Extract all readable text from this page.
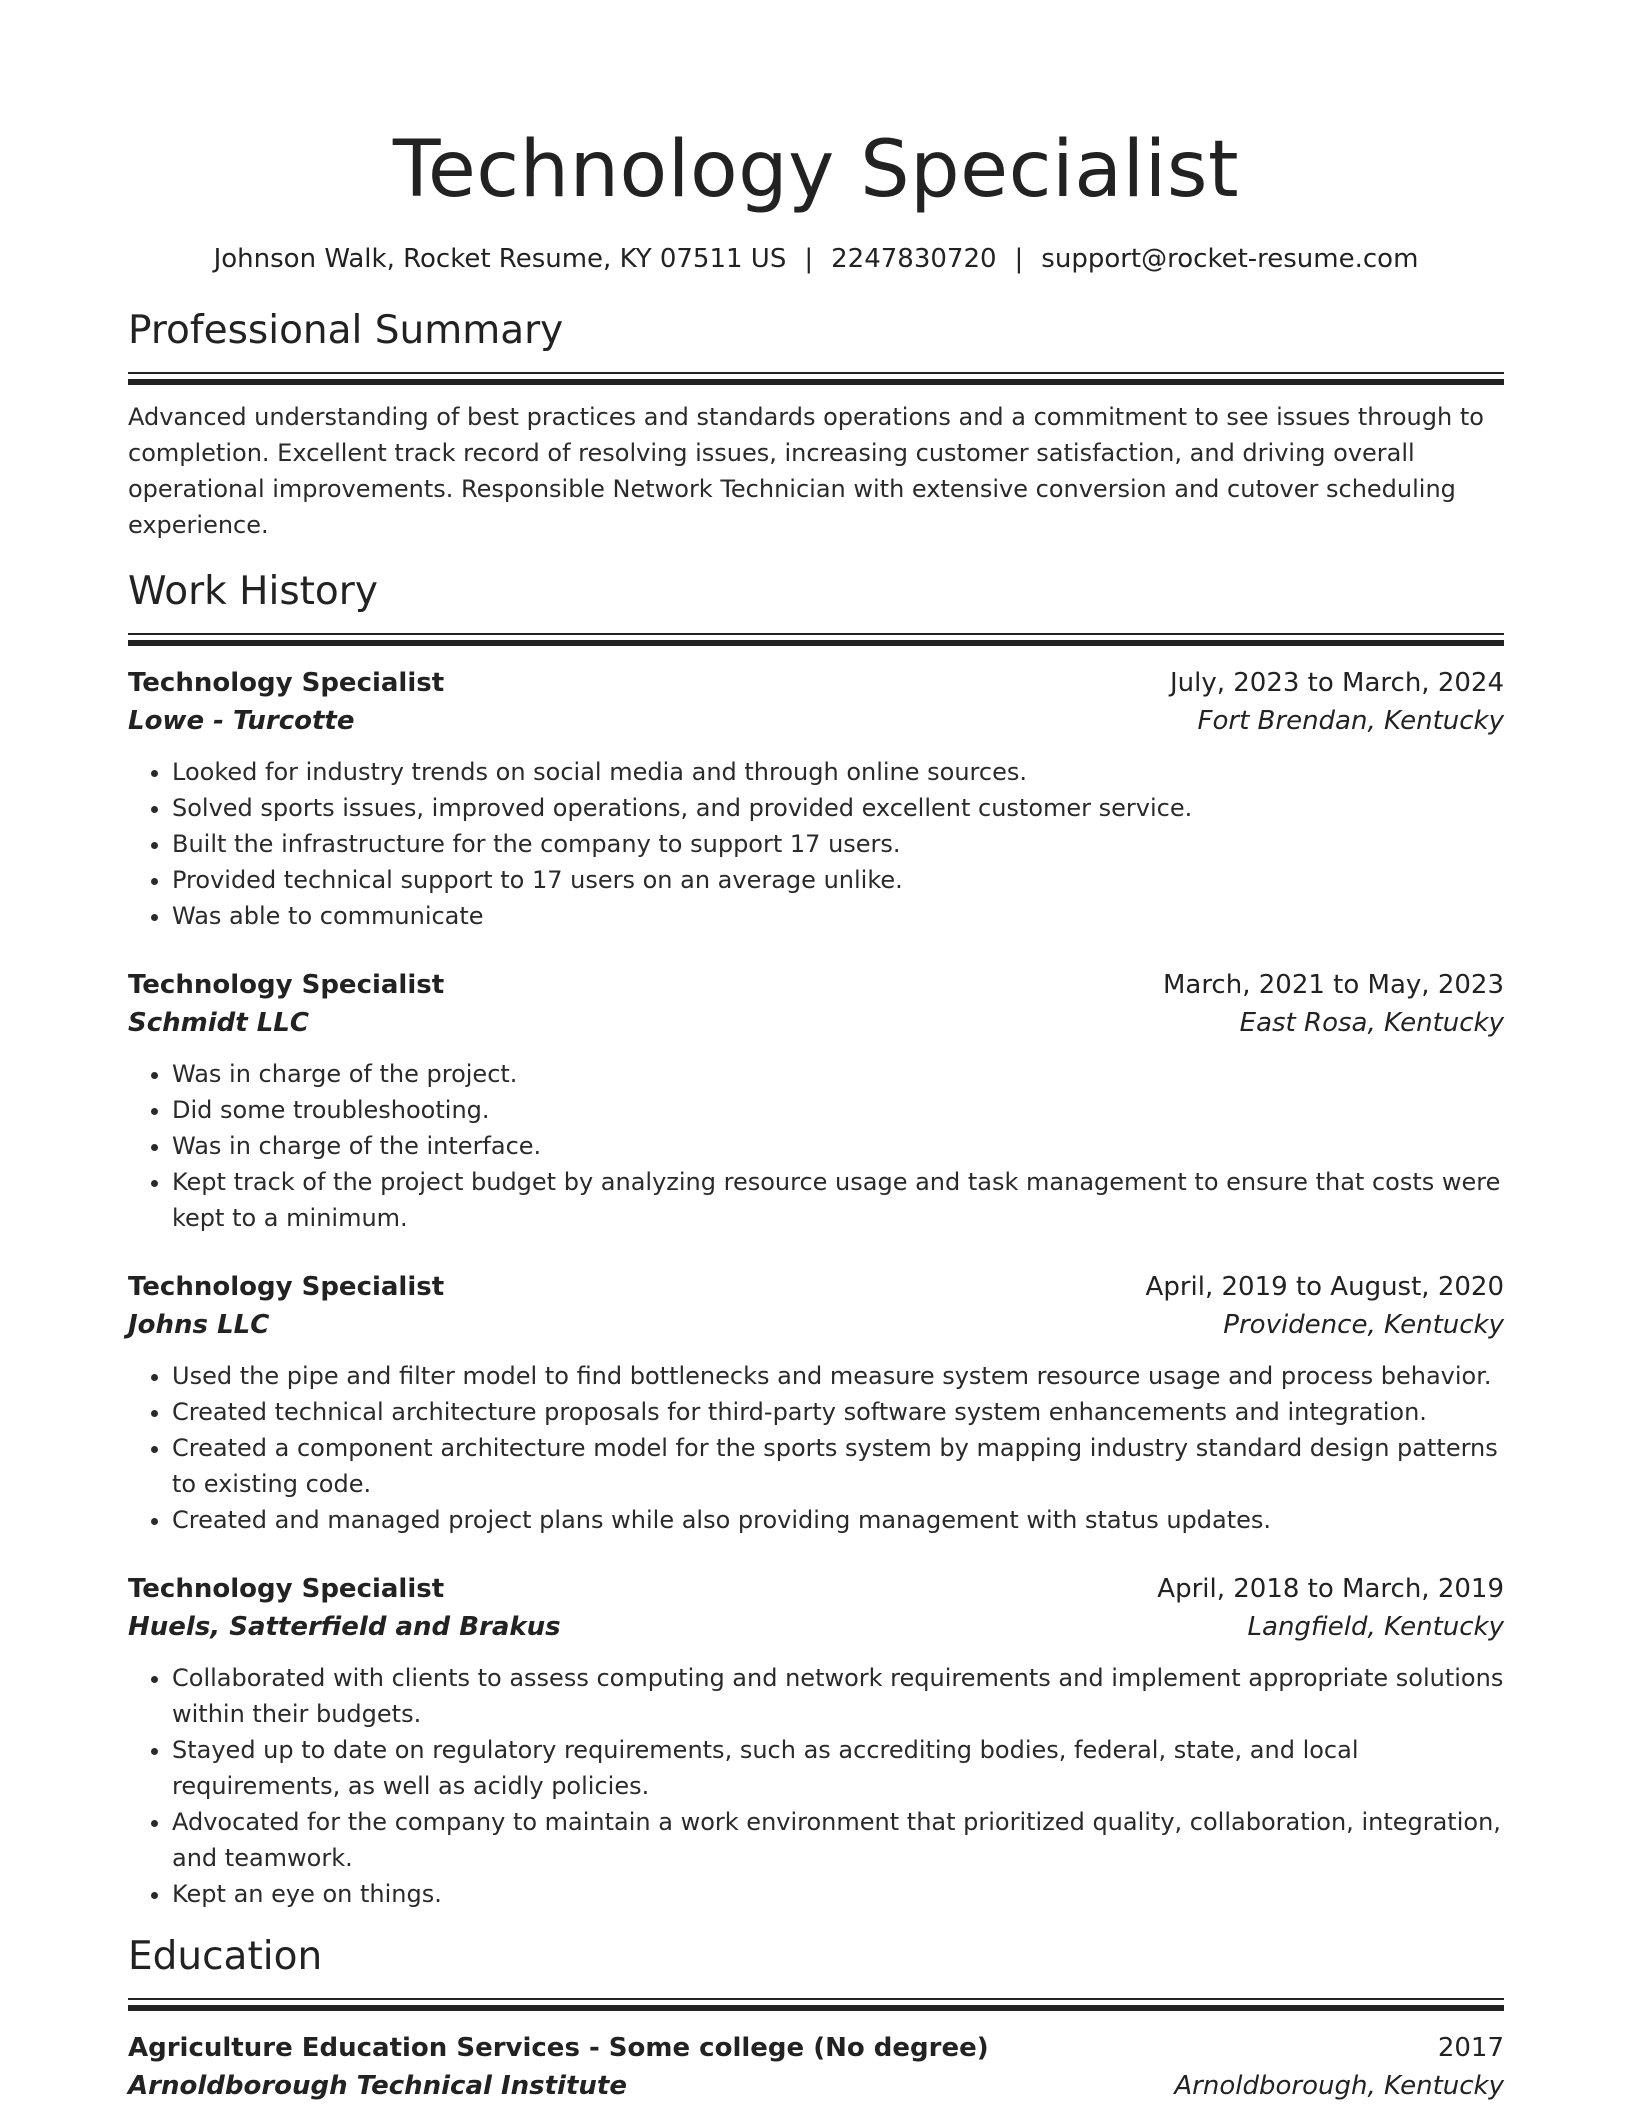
Technology Specialist
Johnson Walk, Rocket Resume, KY 07511 US | 2247830720 | support@rocket-resume.com
Professional Summary

Advanced understanding of best practices and standards operations and a commitment to see issues through to completion. Excellent track record of resolving issues, increasing customer satisfaction, and driving overall operational improvements. Responsible Network Technician with extensive conversion and cutover scheduling experience.

Work History
Technology Specialist	July, 2023 to March, 2024
Lowe - Turcotte	Fort Brendan, Kentucky
• Looked for industry trends on social media and through online sources.
• Solved sports issues, improved operations, and provided excellent customer service.
• Built the infrastructure for the company to support 17 users.
• Provided technical support to 17 users on an average unlike.
• Was able to communicate
Technology Specialist	March, 2021 to May, 2023
Schmidt LLC	East Rosa, Kentucky
• Was in charge of the project.
• Did some troubleshooting.
• Was in charge of the interface.
• Kept track of the project budget by analyzing resource usage and task management to ensure that costs were kept to a minimum.
Technology Specialist	April, 2019 to August, 2020
Johns LLC	Providence, Kentucky
• Used the pipe and filter model to find bottlenecks and measure system resource usage and process behavior.
• Created technical architecture proposals for third-party software system enhancements and integration.
• Created a component architecture model for the sports system by mapping industry standard design patterns to existing code.
• Created and managed project plans while also providing management with status updates.
Technology Specialist	April, 2018 to March, 2019
Huels, Satterfield and Brakus	Langfield, Kentucky
• Collaborated with clients to assess computing and network requirements and implement appropriate solutions within their budgets.
• Stayed up to date on regulatory requirements, such as accrediting bodies, federal, state, and local requirements, as well as acidly policies.
• Advocated for the company to maintain a work environment that prioritized quality, collaboration, integration, and teamwork.
• Kept an eye on things.
Education
Agriculture Education Services - Some college (No degree)	2017
Arnoldborough Technical Institute	Arnoldborough, Kentucky
